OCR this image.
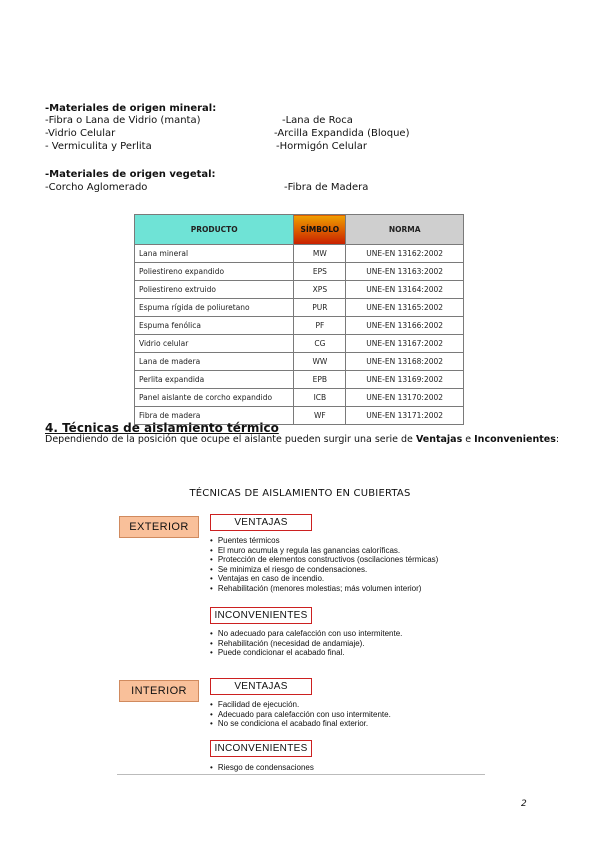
-Materiales de origen mineral:
-Fibra o Lana de Vidrio (manta)
-Vidrio Celular
- Vermiculita y Perlita
-Lana de Roca
-Arcilla Expandida (Bloque)
-Hormigón Celular
-Materiales de origen vegetal:
-Corcho Aglomerado	-Fibra de Madera
PRODUCTO	SÍMBOLO	NORMA
Lana mineral	MW	UNE-EN 13162:2002
Poliestireno expandido	EPS	UNE-EN 13163:2002
Poliestireno extruido	XPS	UNE-EN 13164:2002
Espuma rígida de poliuretano	PUR	UNE-EN 13165:2002
Espuma fenólica	PF	UNE-EN 13166:2002
Vidrio celular	CG	UNE-EN 13167:2002
Lana de madera	WW	UNE-EN 13168:2002
Perlita expandida	EPB	UNE-EN 13169:2002
Panel aislante de corcho expandido	ICB	UNE-EN 13170:2002
Fibra de madera	WF	UNE-EN 13171:2002
4. Técnicas de aislamiento térmico
Dependiendo de la posición que ocupe el aislante pueden surgir una serie de Ventajas e Inconvenientes:
TÉCNICAS DE AISLAMIENTO EN CUBIERTAS
EXTERIOR	VENTAJAS
• Puentes térmicos
• El muro acumula y regula las ganancias caloríficas.
• Protección de elementos constructivos (oscilaciones térmicas)
• Se minimiza el riesgo de condensaciones.
• Ventajas en caso de incendio.
• Rehabilitación (menores molestias; más volumen interior)
INCONVENIENTES
• No adecuado para calefacción con uso intermitente.
• Rehabilitación (necesidad de andamiaje).
• Puede condicionar el acabado final.
INTERIOR	VENTAJAS
• Facilidad de ejecución.
• Adecuado para calefacción con uso intermitente.
• No se condiciona el acabado final exterior.
INCONVENIENTES
• Riesgo de condensaciones
2
